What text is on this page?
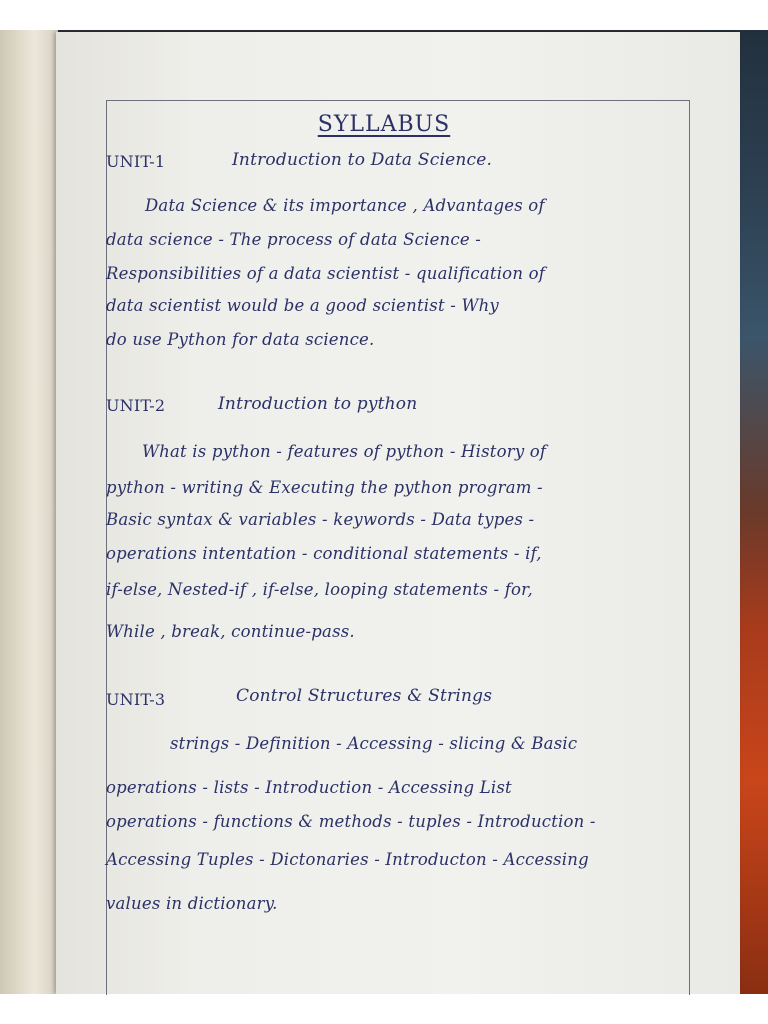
SYLLABUS
UNIT-1	Introduction to Data Science.
Data Science & its importance , Advantages of
data science - The process of data Science -
Responsibilities of a data scientist - qualification of
data scientist would be a good scientist - Why
do use Python for data science.
UNIT-2	Introduction to python
What is python - features of python - History of
python - writing & Executing the python program -
Basic syntax & variables - keywords - Data types -
operations intentation - conditional statements - if,
if-else, Nested-if , if-else, looping statements - for,
While , break, continue-pass.
UNIT-3	Control Structures & Strings
strings - Definition - Accessing - slicing & Basic
operations - lists - Introduction - Accessing List
operations - functions & methods - tuples - Introduction -
Accessing Tuples - Dictonaries - Introducton - Accessing
values in dictionary.
